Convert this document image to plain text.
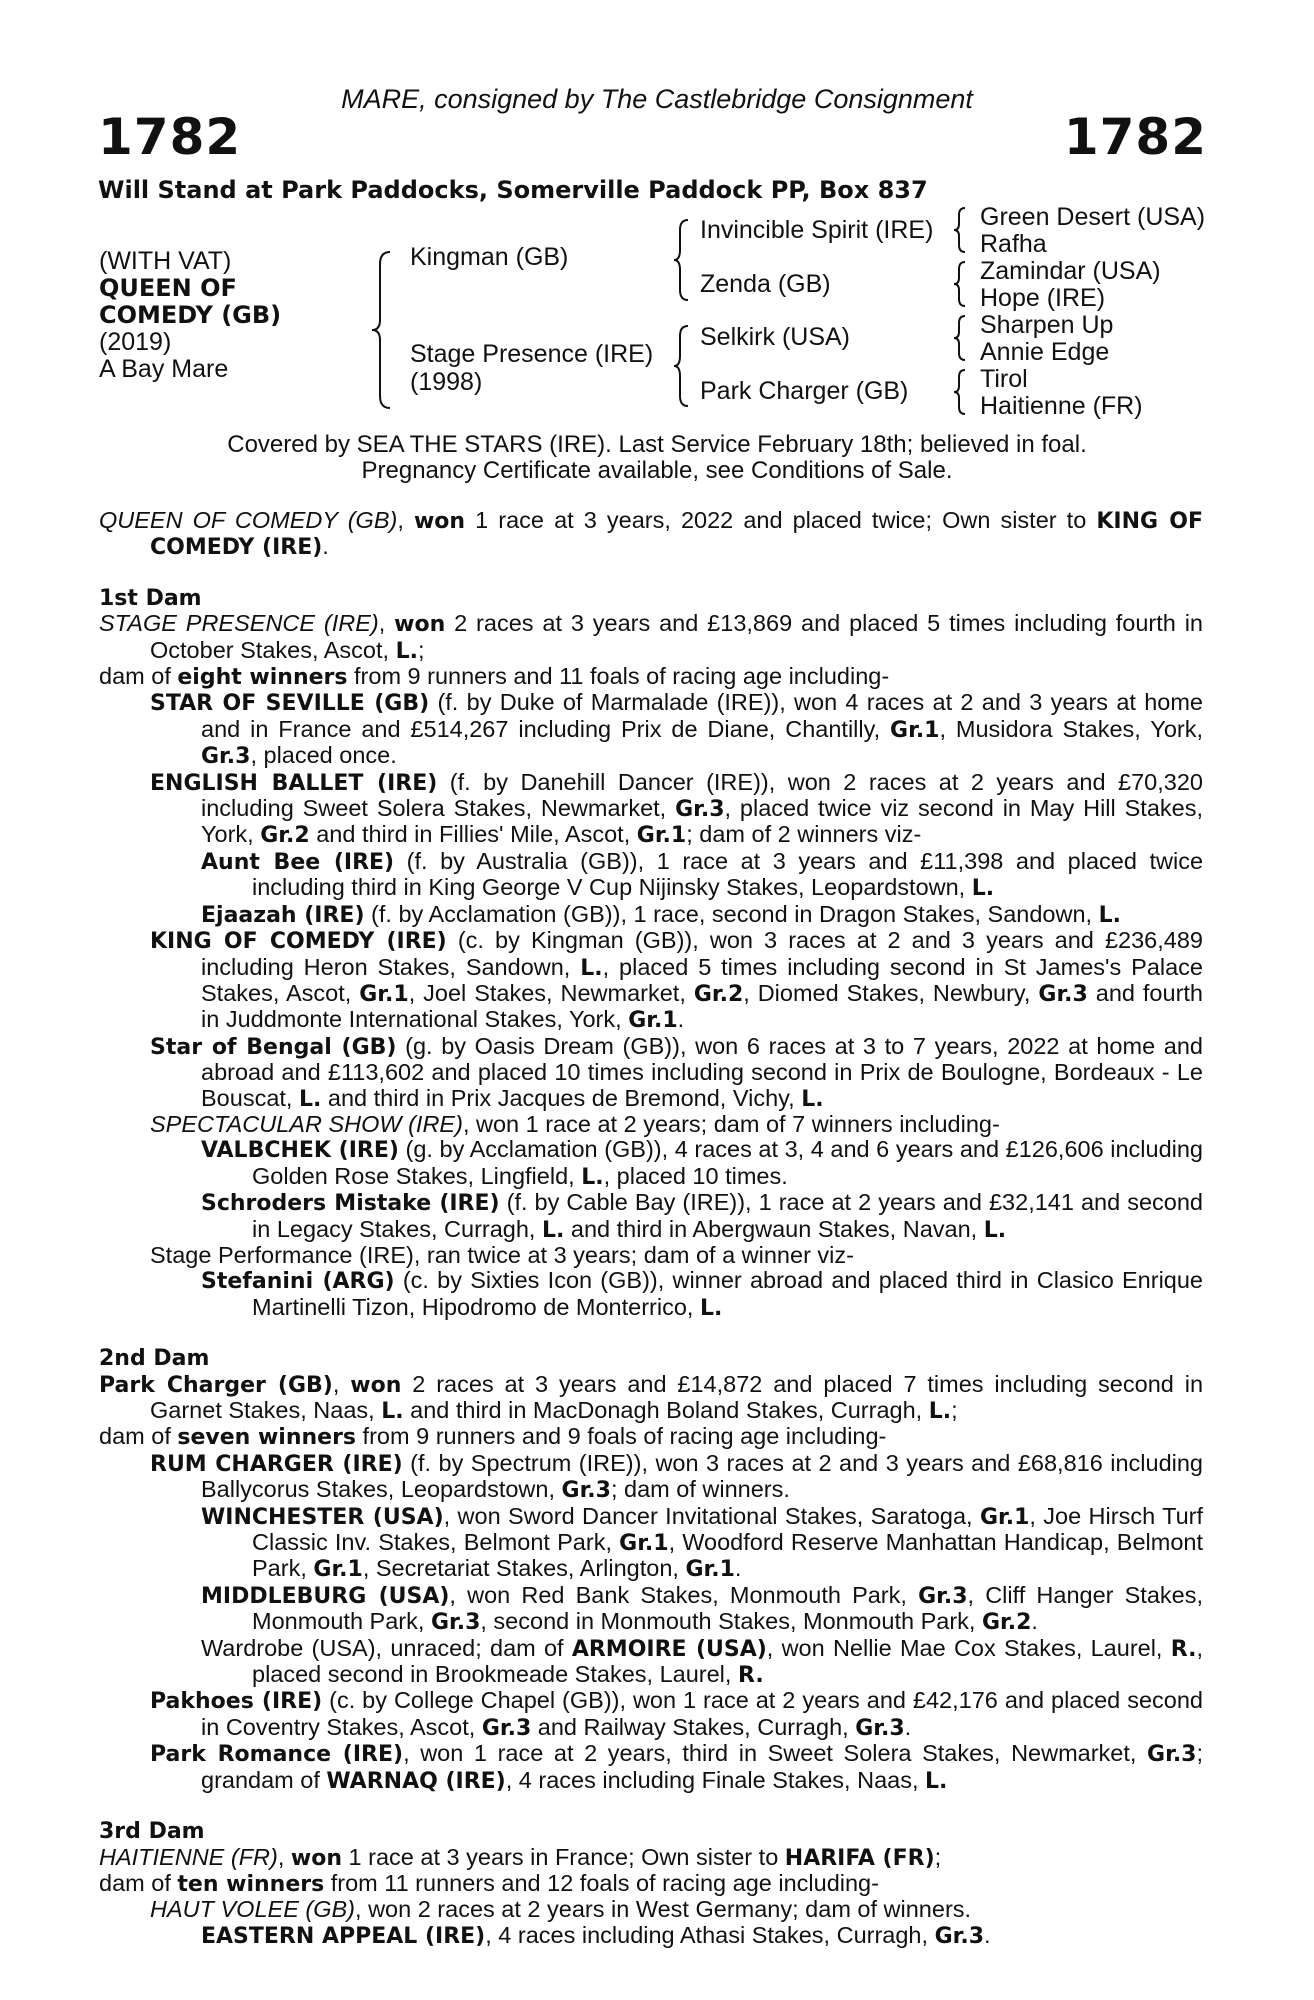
MARE, consigned by The Castlebridge Consignment
1782	1782
Will Stand at Park Paddocks, Somerville Paddock PP, Box 837
(WITH VAT)
QUEEN OF
COMEDY (GB)
(2019)
A Bay Mare
Kingman (GB)
Stage Presence (IRE)
(1998)
Invincible Spirit (IRE)
Zenda (GB)
Selkirk (USA)
Park Charger (GB)
Green Desert (USA)
Rafha
Zamindar (USA)
Hope (IRE)
Sharpen Up
Annie Edge
Tirol
Haitienne (FR)
Covered by SEA THE STARS (IRE). Last Service February 18th; believed in foal.
Pregnancy Certificate available, see Conditions of Sale.

QUEEN OF COMEDY (GB), won 1 race at 3 years, 2022 and placed twice; Own sister to KING OF COMEDY (IRE).

1st Dam

STAGE PRESENCE (IRE), won 2 races at 3 years and £13,869 and placed 5 times including fourth in October Stakes, Ascot, L.;

dam of eight winners from 9 runners and 11 foals of racing age including-

STAR OF SEVILLE (GB) (f. by Duke of Marmalade (IRE)), won 4 races at 2 and 3 years at home and in France and £514,267 including Prix de Diane, Chantilly, Gr.1, Musidora Stakes, York, Gr.3, placed once.

ENGLISH BALLET (IRE) (f. by Danehill Dancer (IRE)), won 2 races at 2 years and £70,320 including Sweet Solera Stakes, Newmarket, Gr.3, placed twice viz second in May Hill Stakes, York, Gr.2 and third in Fillies' Mile, Ascot, Gr.1; dam of 2 winners viz-

Aunt Bee (IRE) (f. by Australia (GB)), 1 race at 3 years and £11,398 and placed twice including third in King George V Cup Nijinsky Stakes, Leopardstown, L.

Ejaazah (IRE) (f. by Acclamation (GB)), 1 race, second in Dragon Stakes, Sandown, L.

KING OF COMEDY (IRE) (c. by Kingman (GB)), won 3 races at 2 and 3 years and £236,489 including Heron Stakes, Sandown, L., placed 5 times including second in St James's Palace Stakes, Ascot, Gr.1, Joel Stakes, Newmarket, Gr.2, Diomed Stakes, Newbury, Gr.3 and fourth in Juddmonte International Stakes, York, Gr.1.

Star of Bengal (GB) (g. by Oasis Dream (GB)), won 6 races at 3 to 7 years, 2022 at home and abroad and £113,602 and placed 10 times including second in Prix de Boulogne, Bordeaux - Le Bouscat, L. and third in Prix Jacques de Bremond, Vichy, L.

SPECTACULAR SHOW (IRE), won 1 race at 2 years; dam of 7 winners including-

VALBCHEK (IRE) (g. by Acclamation (GB)), 4 races at 3, 4 and 6 years and £126,606 including Golden Rose Stakes, Lingfield, L., placed 10 times.

Schroders Mistake (IRE) (f. by Cable Bay (IRE)), 1 race at 2 years and £32,141 and second in Legacy Stakes, Curragh, L. and third in Abergwaun Stakes, Navan, L.

Stage Performance (IRE), ran twice at 3 years; dam of a winner viz-

Stefanini (ARG) (c. by Sixties Icon (GB)), winner abroad and placed third in Clasico Enrique Martinelli Tizon, Hipodromo de Monterrico, L.

2nd Dam

Park Charger (GB), won 2 races at 3 years and £14,872 and placed 7 times including second in Garnet Stakes, Naas, L. and third in MacDonagh Boland Stakes, Curragh, L.;

dam of seven winners from 9 runners and 9 foals of racing age including-

RUM CHARGER (IRE) (f. by Spectrum (IRE)), won 3 races at 2 and 3 years and £68,816 including Ballycorus Stakes, Leopardstown, Gr.3; dam of winners.

WINCHESTER (USA), won Sword Dancer Invitational Stakes, Saratoga, Gr.1, Joe Hirsch Turf Classic Inv. Stakes, Belmont Park, Gr.1, Woodford Reserve Manhattan Handicap, Belmont Park, Gr.1, Secretariat Stakes, Arlington, Gr.1.

MIDDLEBURG (USA), won Red Bank Stakes, Monmouth Park, Gr.3, Cliff Hanger Stakes, Monmouth Park, Gr.3, second in Monmouth Stakes, Monmouth Park, Gr.2.

Wardrobe (USA), unraced; dam of ARMOIRE (USA), won Nellie Mae Cox Stakes, Laurel, R., placed second in Brookmeade Stakes, Laurel, R.

Pakhoes (IRE) (c. by College Chapel (GB)), won 1 race at 2 years and £42,176 and placed second in Coventry Stakes, Ascot, Gr.3 and Railway Stakes, Curragh, Gr.3.

Park Romance (IRE), won 1 race at 2 years, third in Sweet Solera Stakes, Newmarket, Gr.3; grandam of WARNAQ (IRE), 4 races including Finale Stakes, Naas, L.

3rd Dam

HAITIENNE (FR), won 1 race at 3 years in France; Own sister to HARIFA (FR);

dam of ten winners from 11 runners and 12 foals of racing age including-

HAUT VOLEE (GB), won 2 races at 2 years in West Germany; dam of winners.

EASTERN APPEAL (IRE), 4 races including Athasi Stakes, Curragh, Gr.3.
